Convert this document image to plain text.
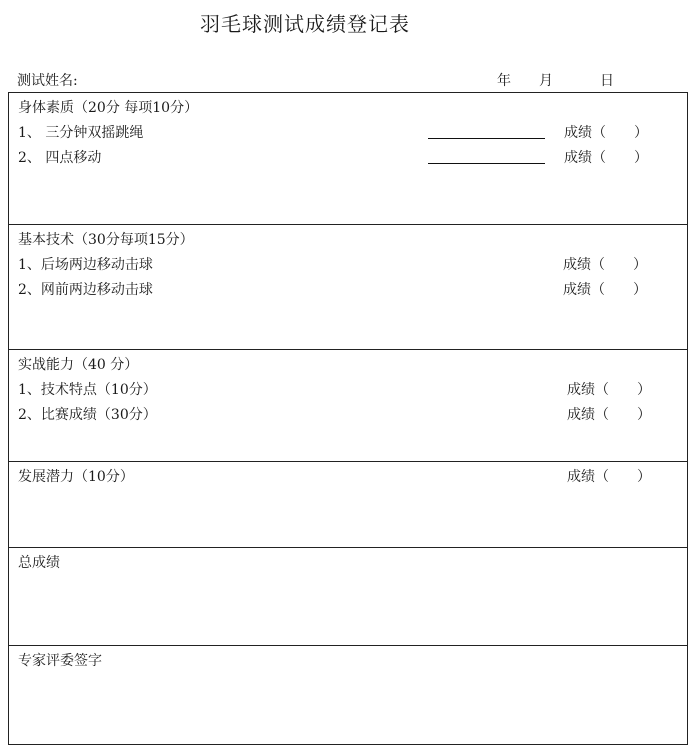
羽毛球测试成绩登记表
测试姓名:	年 月	日
身体素质（20分 每项10分）
1、 三分钟双摇跳绳	成绩（ ）
2、 四点移动	成绩（ ）
基本技术（30分每项15分）
1、后场两边移动击球	成绩（ ）
2、网前两边移动击球	成绩（ ）
实战能力（40 分）
1、技术特点（10分）	成绩（ ）
2、比赛成绩（30分）	成绩（ ）
发展潜力（10分）	成绩（ ）
总成绩
专家评委签字
